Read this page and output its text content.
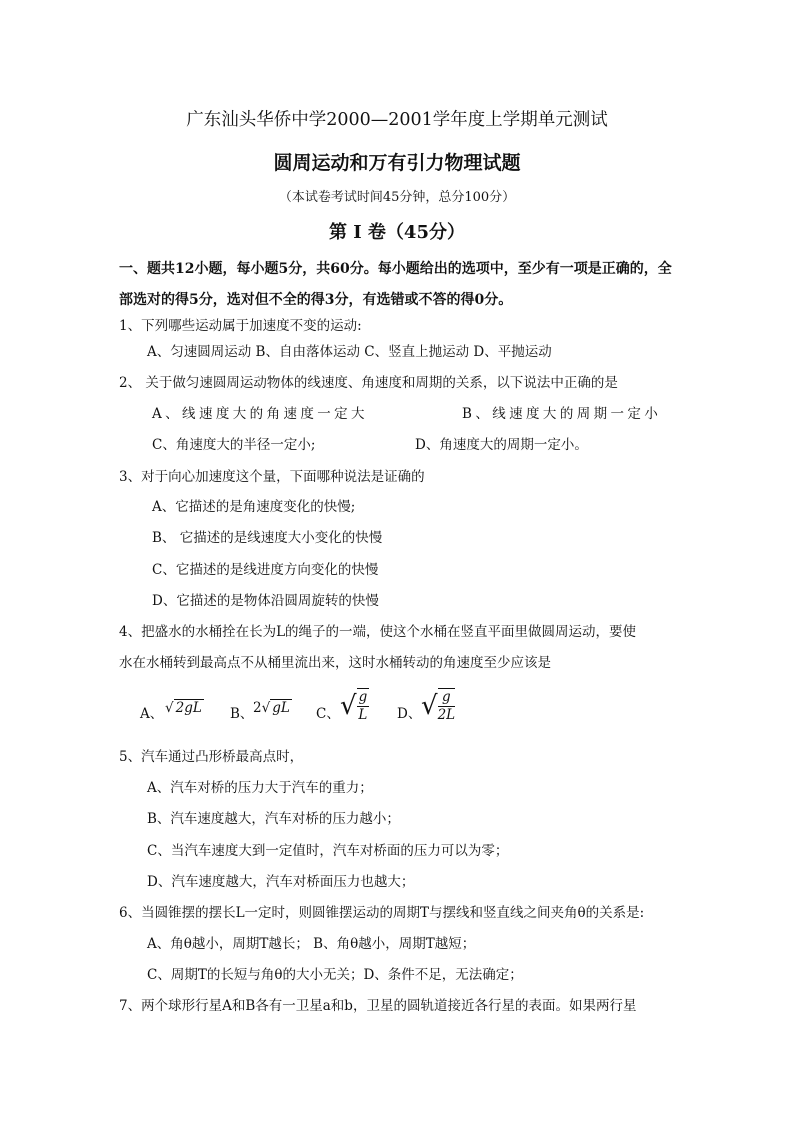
广东汕头华侨中学2000—2001学年度上学期单元测试
圆周运动和万有引力物理试题
（本试卷考试时间45分钟，总分100分）
第 I 卷（45分）
一、题共12小题，每小题5分，共60分。每小题给出的选项中，至少有一项是正确的，全
部选对的得5分，选对但不全的得3分，有选错或不答的得0分。
1、下列哪些运动属于加速度不变的运动:
A、匀速圆周运动 B、自由落体运动 C、竖直上抛运动 D、平抛运动
2、 关于做匀速圆周运动物体的线速度、角速度和周期的关系，以下说法中正确的是
A、线速度大的角速度一定大	B、线速度大的周期一定小
C、角速度大的半径一定小;	D、角速度大的周期一定小。
3、对于向心加速度这个量，下面哪种说法是证确的
A、它描述的是角速度变化的快慢;
B、 它描述的是线速度大小变化的快慢
C、它描述的是线进度方向变化的快慢
D、它描述的是物体沿圆周旋转的快慢
4、把盛水的水桶拴在长为L的绳子的一端，使这个水桶在竖直平面里做圆周运动，要使
水在水桶转到最高点不从桶里流出来，这时水桶转动的角速度至少应该是
A、 √ 2gL B、 2√ gL C、 √ $\frac{g}{L}$ D、 √ $\frac{g}{2L}$
5、汽车通过凸形桥最高点时，
A、汽车对桥的压力大于汽车的重力；
B、汽车速度越大，汽车对桥的压力越小；
C、当汽车速度大到一定值时，汽车对桥面的压力可以为零；
D、汽车速度越大，汽车对桥面压力也越大；
6、当圆锥摆的摆长L一定时，则圆锥摆运动的周期T与摆线和竖直线之间夹角θ的关系是:
A、角θ越小，周期T越长； B、角θ越小，周期T越短；
C、周期T的长短与角θ的大小无关；D、条件不足，无法确定；
7、两个球形行星A和B各有一卫星a和b，卫星的圆轨道接近各行星的表面。如果两行星
